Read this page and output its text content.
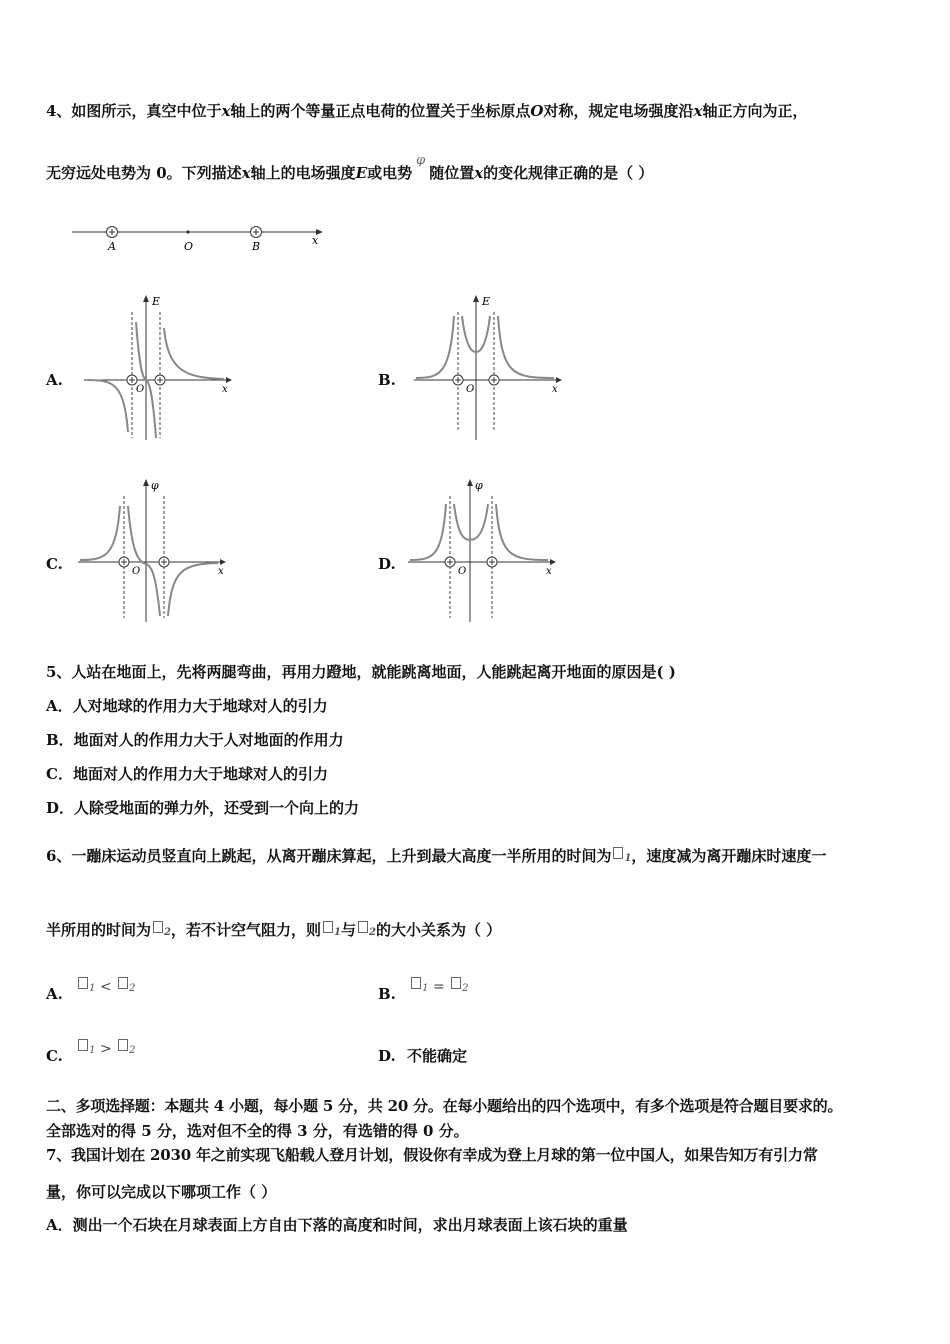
4、如图所示，真空中位于x轴上的两个等量正点电荷的位置关于坐标原点O对称，规定电场强度沿x轴正方向为正，
无穷远处电势为 0。下列描述x轴上的电场强度E或电势φ随位置x的变化规律正确的是（ ）
A	O	B	x
A.	B.
C.	D.
E
x
O
E
x
O
φ
x
O
φ
x
O
5、人站在地面上，先将两腿弯曲，再用力蹬地，就能跳离地面，人能跳起离开地面的原因是( )
A．人对地球的作用力大于地球对人的引力
B．地面对人的作用力大于人对地面的作用力
C．地面对人的作用力大于地球对人的引力
D．人除受地面的弹力外，还受到一个向上的力
6、一蹦床运动员竖直向上跳起，从离开蹦床算起，上升到最大高度一半所用的时间为 1，速度减为离开蹦床时速度一
半所用的时间为 2，若不计空气阻力，则 1与 2的大小关系为（ ）
A.	1 < 2	B.	1 = 2
C.	1 > 2	D. 不能确定
二、多项选择题：本题共 4 小题，每小题 5 分，共 20 分。在每小题给出的四个选项中，有多个选项是符合题目要求的。
全部选对的得 5 分，选对但不全的得 3 分，有选错的得 0 分。
7、我国计划在 2030 年之前实现飞船载人登月计划，假设你有幸成为登上月球的第一位中国人，如果告知万有引力常
量，你可以完成以下哪项工作（ ）
A．测出一个石块在月球表面上方自由下落的高度和时间，求出月球表面上该石块的重量
